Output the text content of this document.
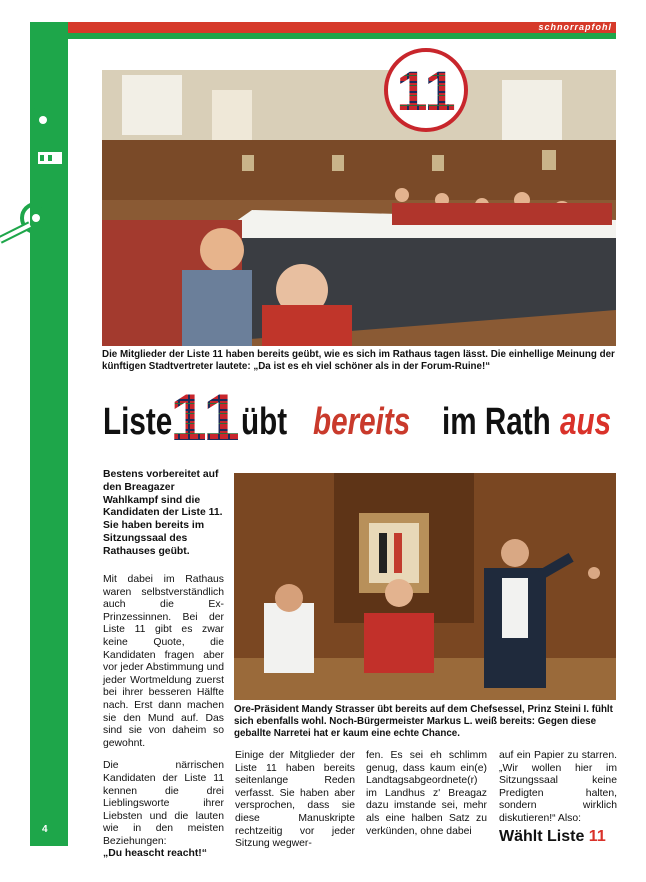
schnorrapfohl
11
Die Mitglieder der Liste 11 haben bereits geübt, wie es sich im Rathaus tagen lässt. Die einhellige Meinung der künftigen Stadtvertreter lautete: „Da ist es eh viel schöner als in der Forum-Ruine!“
Liste
11 übt bereits im Rath aus
Bestens vorbereitet auf den Breagazer Wahlkampf sind die Kandidaten der Liste 11. Sie haben bereits im Sitzungssaal des Rathauses geübt.
Ore-Präsident Mandy Strasser übt bereits auf dem Chefsessel, Prinz Steini I. fühlt sich ebenfalls wohl. Noch-Bürgermeister Markus L. weiß bereits: Gegen diese geballte Narretei hat er kaum eine echte Chance.

Mit dabei im Rathaus waren selbstverständlich auch die Ex-Prinzessinnen. Bei der Liste 11 gibt es zwar keine Quote, die Kandidaten fragen aber vor jeder Abstimmung und jeder Wortmeldung zuerst bei ihrer besseren Hälfte nach. Erst dann machen sie den Mund auf. Das sind sie von daheim so gewohnt.

Die närrischen Kandidaten der Liste 11 kennen die drei Lieblingsworte ihrer Liebsten und die lauten wie in den meisten Beziehungen:

„Du heascht reacht!“

Einige der Mitglieder der Liste 11 haben bereits seitenlange Reden verfasst. Sie haben aber versprochen, dass sie diese Manuskripte rechtzeitig vor jeder Sitzung wegwer-
fen. Es sei eh schlimm genug, dass kaum ein(e) Landtagsabgeordnete(r) im Landhus z' Breagaz dazu imstande sei, mehr als eine halben Satz zu verkünden, ohne dabei
auf ein Papier zu starren. „Wir wollen hier im Sitzungssaal keine Predigten halten, sondern wirklich diskutieren!“ Also:
Wählt Liste 11
4
